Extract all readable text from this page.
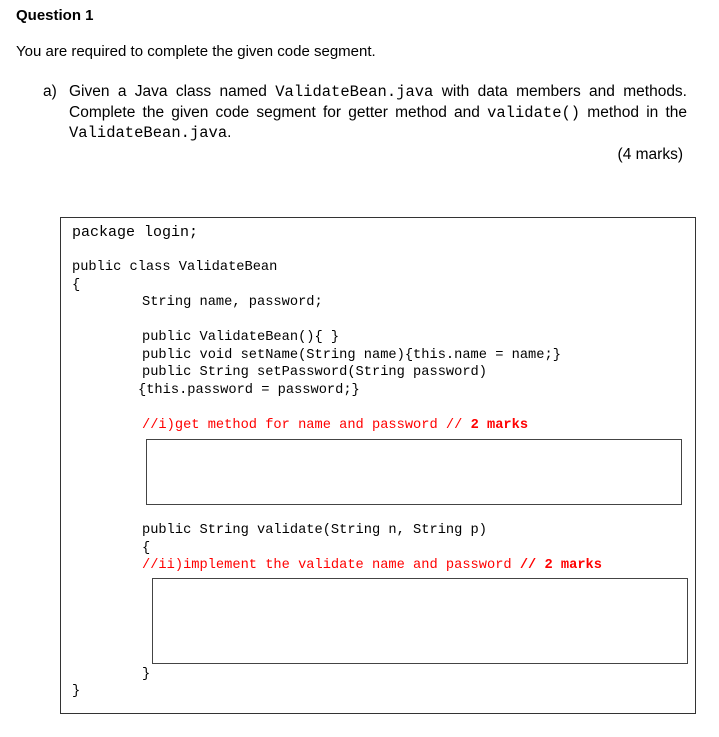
Question 1
You are required to complete the given code segment.
a) Given a Java class named ValidateBean.java with data members and methods. Complete the given code segment for getter method and validate() method in the ValidateBean.java.
(4 marks)
package login;
public class ValidateBean
{
String name, password;
public ValidateBean(){ }
public void setName(String name){this.name = name;}
public String setPassword(String password)
{this.password = password;}
//i)get method for name and password // 2 marks
public String validate(String n, String p)
{
//ii)implement the validate name and password // 2 marks
}
}
